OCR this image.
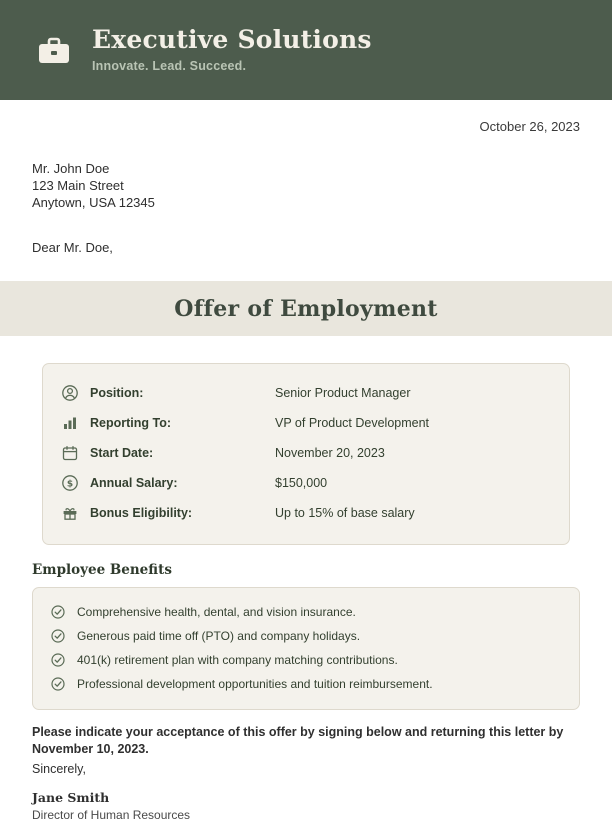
Executive Solutions
Innovate. Lead. Succeed.
October 26, 2023
Mr. John Doe
123 Main Street
Anytown, USA 12345
Dear Mr. Doe,
Offer of Employment
Position:	Senior Product Manager
Reporting To:	VP of Product Development
Start Date:	November 20, 2023
$ Annual Salary:	$150,000
Bonus Eligibility:	Up to 15% of base salary
Employee Benefits
Comprehensive health, dental, and vision insurance.
Generous paid time off (PTO) and company holidays.
401(k) retirement plan with company matching contributions.
Professional development opportunities and tuition reimbursement.
Please indicate your acceptance of this offer by signing below and returning this letter by November 10, 2023.
Sincerely,
Jane Smith
Director of Human Resources
